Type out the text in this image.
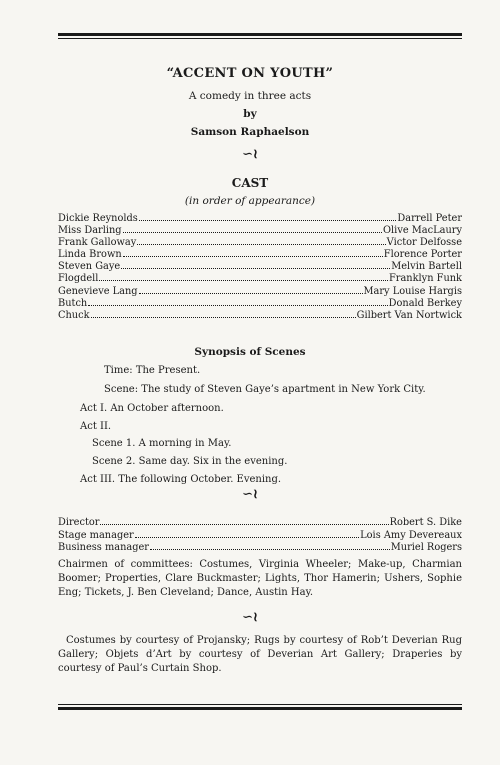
“ACCENT ON YOUTH”
A comedy in three acts
by
Samson Raphaelson
∽≀
CAST
(in order of appearance)
Dickie Reynolds	Darrell Peter
Miss Darling	Olive MacLaury
Frank Galloway	Victor Delfosse
Linda Brown	Florence Porter
Steven Gaye	Melvin Bartell
Flogdell	Franklyn Funk
Genevieve Lang	Mary Louise Hargis
Butch	Donald Berkey
Chuck	Gilbert Van Nortwick
Synopsis of Scenes
Time: The Present.
Scene: The study of Steven Gaye’s apartment in New York City.
Act I. An October afternoon.
Act II.
Scene 1. A morning in May.
Scene 2. Same day. Six in the evening.
Act III. The following October. Evening.
∽≀
Director	Robert S. Dike
Stage manager	Lois Amy Devereaux
Business manager	Muriel Rogers
Chairmen of committees: Costumes, Virginia Wheeler; Make-up, Charmian Boomer; Properties, Clare Buckmaster; Lights, Thor Hamerin; Ushers, Sophie Eng; Tickets, J. Ben Cleveland; Dance, Austin Hay.
∽≀
Costumes by courtesy of Projansky; Rugs by courtesy of Rob’t Deverian Rug Gallery; Objets d’Art by courtesy of Deverian Art Gallery; Draperies by courtesy of Paul’s Curtain Shop.
